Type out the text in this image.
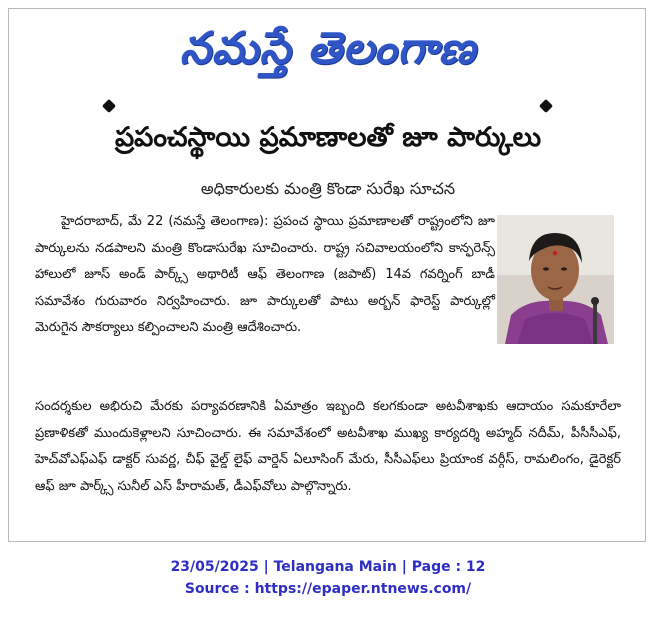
నమస్తే తెలంగాణ
ప్రపంచస్థాయి ప్రమాణాలతో జూ పార్కులు
అధికారులకు మంత్రి కొండా సురేఖ సూచన
హైదరాబాద్, మే 22 (నమస్తే తెలంగాణ): ప్రపంచ స్థాయి ప్రమాణాలతో రాష్ట్రంలోని జూ పార్కులను నడపాలని మంత్రి కొండాసురేఖ సూచించారు. రాష్ట్ర సచివాలయంలోని కాన్ఫరెన్స్ హాలులో జూస్ అండ్ పార్క్స్ అథారిటీ ఆఫ్ తెలంగాణ (జపాట్) 14వ గవర్నింగ్ బాడీ సమావేశం గురువారం నిర్వహించారు. జూ పార్కులతో పాటు అర్బన్ ఫారెస్ట్ పార్కుల్లో మెరుగైన సౌకర్యాలు కల్పించాలని మంత్రి ఆదేశించారు.
సందర్శకుల అభిరుచి మేరకు పర్యావరణానికి ఏమాత్రం ఇబ్బంది కలగకుండా అటవీశాఖకు ఆదాయం సమకూరేలా ప్రణాళికతో ముందుకెళ్లాలని సూచించారు. ఈ సమావేశంలో అటవీశాఖ ముఖ్య కార్యదర్శి అహ్మద్ నదీమ్, పీసీసీఎఫ్, హెచ్‌వోఎఫ్‌ఎఫ్ డాక్టర్ సువర్ణ, చీఫ్ వైల్డ్ లైఫ్ వార్డెన్ ఏలూసింగ్ మేరు, సీసీఎఫ్‌లు ప్రియాంక వర్గీస్, రామలింగం, డైరెక్టర్ ఆఫ్ జూ పార్క్స్ సునీల్ ఎస్ హీరామత్, డీఎఫ్‌వోలు పాల్గొన్నారు.
23/05/2025 | Telangana Main | Page : 12
Source : https://epaper.ntnews.com/
